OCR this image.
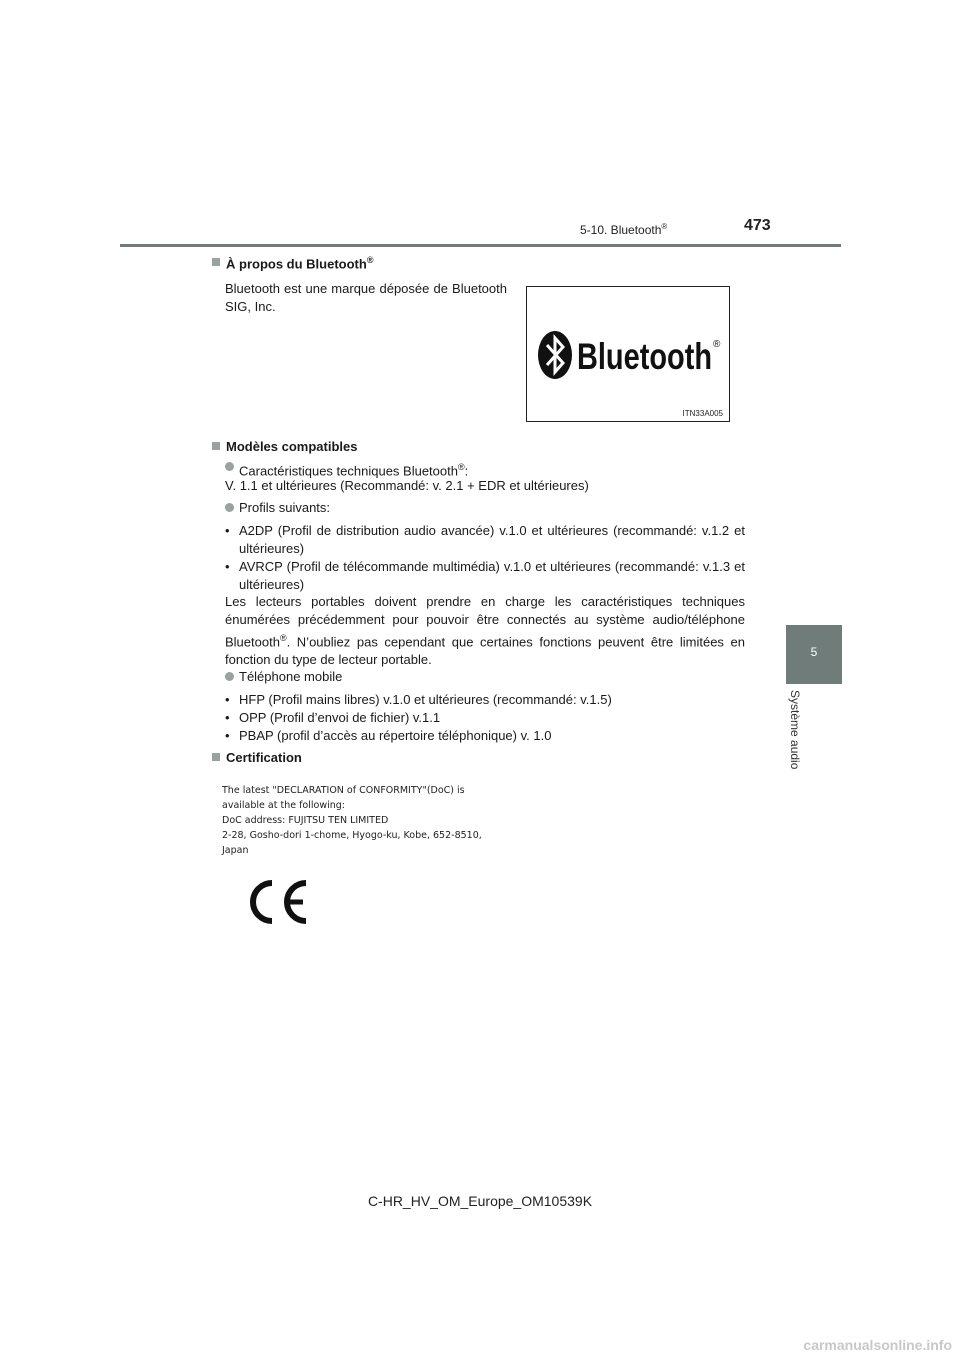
5-10. Bluetooth®	473
5
Système audio
À propos du Bluetooth®
Bluetooth est une marque déposée de Bluetooth SIG, Inc.
Bluetooth ®
ITN33A005
Modèles compatibles
Caractéristiques techniques Bluetooth®:
V. 1.1 et ultérieures (Recommandé: v. 2.1 + EDR et ultérieures)
Profils suivants:
• A2DP (Profil de distribution audio avancée) v.1.0 et ultérieures (recommandé: v.1.2 et ultérieures)
• AVRCP (Profil de télécommande multimédia) v.1.0 et ultérieures (recommandé: v.1.3 et ultérieures)
Les lecteurs portables doivent prendre en charge les caractéristiques techniques énumérées précédemment pour pouvoir être connectés au système audio/téléphone Bluetooth®. N’oubliez pas cependant que certaines fonctions peuvent être limitées en fonction du type de lecteur portable.
Téléphone mobile
• HFP (Profil mains libres) v.1.0 et ultérieures (recommandé: v.1.5)
• OPP (Profil d’envoi de fichier) v.1.1
• PBAP (profil d’accès au répertoire téléphonique) v. 1.0
Certification
The latest "DECLARATION of CONFORMITY"(DoC) is
available at the following:
DoC address: FUJITSU TEN LIMITED
2-28, Gosho-dori 1-chome, Hyogo-ku, Kobe, 652-8510,
Japan
C-HR_HV_OM_Europe_OM10539K
carmanualsonline.info
